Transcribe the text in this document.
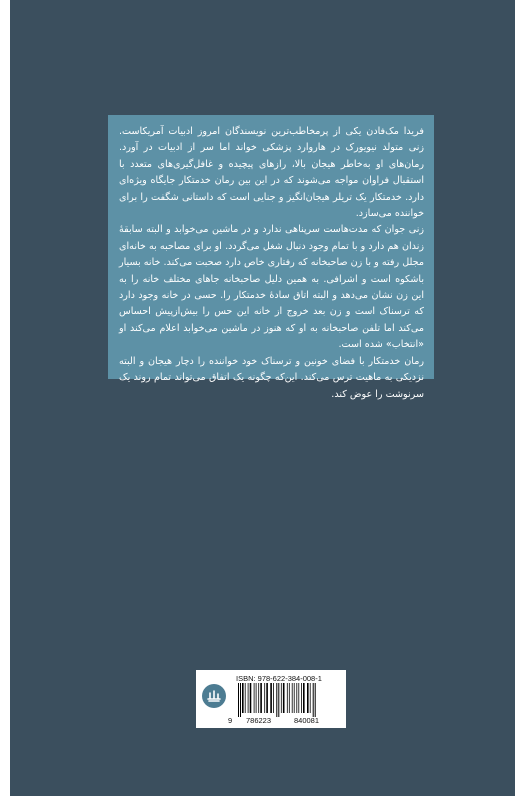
فریدا مک‌فادن یکی از پرمخاطب‌ترین نویسندگان امروز ادبیات آمریکاست. زنی متولد نیویورک در هاروارد پزشکی خواند اما سر از ادبیات در آورد. رمان‌های او به‌خاطر هیجان بالا، رازهای پیچیده و غافل‌گیری‌های متعدد با استقبال فراوان مواجه می‌شوند که در این بین رمان خدمتکار جایگاه ویژه‌ای دارد. خدمتکار یک تریلر هیجان‌انگیز و جنایی است که داستانی شگفت را برای خواننده می‌سازد.

زنی جوان که مدت‌هاست سرپناهی ندارد و در ماشین می‌خوابد و البته سابقهٔ زندان هم دارد و با تمام وجود دنبال شغل می‌گردد. او برای مصاحبه به خانه‌ای مجلل رفته و با زن صاحبخانه که رفتاری خاص دارد صحبت می‌کند. خانه بسیار باشکوه است و اشرافی. به همین دلیل صاحبخانه جاهای مختلف خانه را به این زن نشان می‌دهد و البته اتاق سادهٔ خدمتکار را. حسی در خانه وجود دارد که ترسناک است و زن بعد خروج از خانه این حس را بیش‌ازپیش احساس می‌کند اما تلفن صاحبخانه به او که هنوز در ماشین می‌خوابد اعلام می‌کند او «انتخاب» شده است.

رمان خدمتکار با فضای خونین و ترسناک خود خواننده را دچار هیجان و البته نزدیکی به ماهیت ترس می‌کند. این‌که چگونه یک اتفاق می‌تواند تمام روند یک سرنوشت را عوض کند.

ISBN: 978-622-384-008-1
9 786223	840081
